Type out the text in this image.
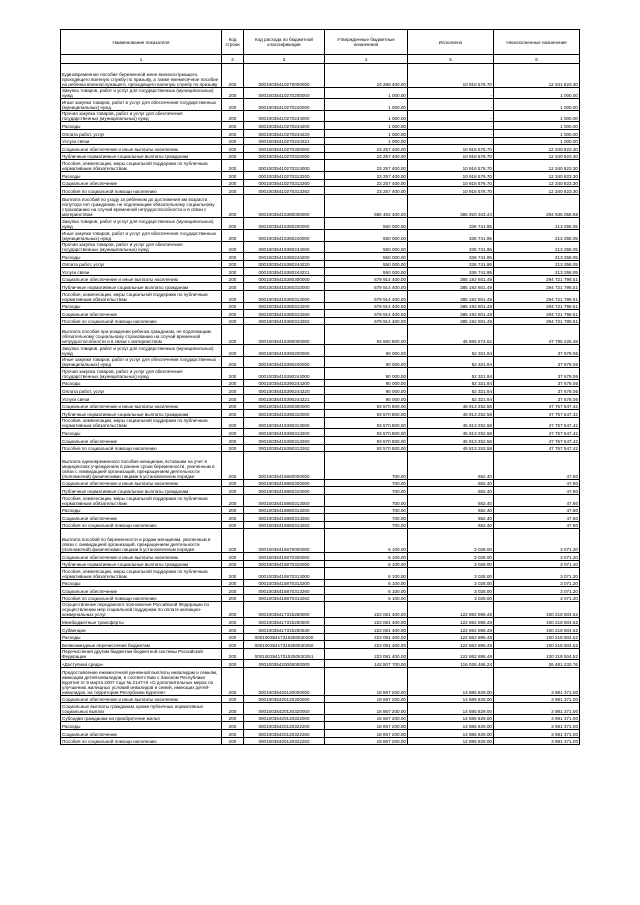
Наименование показателя	Код строки	Код расхода по бюджетной классификации	Утвержденные бюджетные назначения	Исполнено	Неисполненные назначения
1	2	3	4	5	6
Единовременное пособие беременной жене военнослужащего, проходящего военную службу по призыву, а также ежемесячное пособие на ребенка военнослужащего, проходящего военную службу по призыву	200	00010035410270000000	23 258 400.00	10 916 576.70	12 341 823.30
Закупка товаров, работ и услуг для государственных (муниципальных) нужд	200	00010035410270200000	1 000.00	-	1 000.00
Иные закупки товаров, работ и услуг для обеспечения государственных (муниципальных) нужд	200	00010035410270240000	1 000.00	-	1 000.00
Прочая закупка товаров, работ и услуг для обеспечения государственных (муниципальных) нужд	200	00010035410270244000	1 000.00	-	1 000.00
Расходы	200	00010035410270244200	1 000.00	-	1 000.00
Оплата работ, услуг	200	00010035410270244220	1 000.00	-	1 000.00
Услуги связи	200	00010035410270244221	1 000.00	-	1 000.00
Социальное обеспечение и иные выплаты населению	200	00010035410270300000	23 257 400.00	10 916 576.70	12 340 823.30
Публичные нормативные социальные выплаты гражданам	200	00010035410270310000	23 257 400.00	10 916 576.70	12 340 823.30
Пособия, компенсации, меры социальной поддержки по публичным нормативным обязательствам	200	00010035410270313000	23 257 400.00	10 916 576.70	12 340 823.30
Расходы	200	00010035410270313200	23 257 400.00	10 916 576.70	12 340 823.30
Социальное обеспечение	200	00010035410270313260	23 257 400.00	10 916 576.70	12 340 823.30
Пособия по социальной помощи населению	200	00010035410270313262	23 257 400.00	10 916 576.70	12 340 823.30
Выплата пособий по уходу за ребенком до достижения им возраста полутора лет гражданам, не подлежащим обязательному социальному страхованию на случай временной нетрудоспособности и в связи с материнством	200	00010035415380000000	680 464 400.00	385 920 343.44	294 935 056.58
Закупка товаров, работ и услуг для государственных (муниципальных) нужд	200	00010035415380200000	550 000.00	336 741.95	213 258.05
Иные закупки товаров, работ и услуг для обеспечения государственных (муниципальных) нужд	200	00010035415380240000	550 000.00	336 741.95	213 258.05
Прочая закупка товаров, работ и услуг для обеспечения государственных (муниципальных) нужд	200	00010035415380244000	550 000.00	336 741.95	213 258.05
Расходы	200	00010035415380244200	550 000.00	336 741.95	213 258.05
Оплата работ, услуг	200	00010035415380244220	550 000.00	336 741.95	213 258.05
Услуги связи	200	00010035415380244221	550 000.00	336 741.95	213 258.05
Социальное обеспечение и иные выплаты населению	200	00010035415380300000	679 914 400.00	385 192 601.49	294 721 798.51
Публичные нормативные социальные выплаты гражданам	200	00010035415380310000	679 914 400.00	385 192 601.49	294 721 798.51
Пособия, компенсации, меры социальной поддержки по публичным нормативным обязательствам	200	00010035415380313000	679 914 400.00	385 192 601.49	294 721 798.51
Расходы	200	00010035415380313200	679 914 400.00	385 192 601.49	294 721 798.51
Социальное обеспечение	200	00010035415380313260	679 914 400.00	385 192 601.49	294 721 798.51
Пособия по социальной помощи населению	200	00010035415380313262	679 914 400.00	385 192 601.49	294 721 798.51
Выплата пособия при рождении ребенка гражданам, не подлежащим обязательному социальному страхованию на случай временной нетрудоспособности и в связи с материнством	200	00010035415390000000	93 660 800.00	45 865 574.52	47 795 225.48
Закупка товаров, работ и услуг для государственных (муниципальных) нужд	200	00010035415390200000	90 000.00	52 321.94	37 678.06
Иные закупки товаров, работ и услуг для обеспечения государственных (муниципальных) нужд	200	00010035415390240000	90 000.00	52 321.94	37 678.06
Прочая закупка товаров, работ и услуг для обеспечения государственных (муниципальных) нужд	200	00010035415390244000	90 000.00	52 321.94	37 678.06
Расходы	200	00010035415390244200	90 000.00	52 321.94	37 678.06
Оплата работ, услуг	200	00010035415390244220	90 000.00	52 321.94	37 678.06
Услуги связи	200	00010035415390244221	90 000.00	52 321.94	37 678.06
Социальное обеспечение и иные выплаты населению	200	00010035415390300000	93 570 800.00	45 813 252.58	47 757 547.42
Публичные нормативные социальные выплаты гражданам	200	00010035415390310000	93 570 800.00	45 813 252.58	47 757 547.42
Пособия, компенсации, меры социальной поддержки по публичным нормативным обязательствам	200	00010035415390313000	93 570 800.00	45 813 252.58	47 757 547.42
Расходы	200	00010035415390313200	93 570 800.00	45 813 252.58	47 757 547.42
Социальное обеспечение	200	00010035415390313260	93 570 800.00	45 813 252.58	47 757 547.42
Пособия по социальной помощи населению	200	00010035415390313262	93 570 800.00	45 813 252.58	47 757 547.42
Выплата единовременного пособия женщинам, вставшим на учет в медицинских учреждениях в ранние сроки беременности, уволенным в связи с ликвидацией организаций, прекращением деятельности (полномочий) физическими лицами в установленном порядке	200	00010035415860000000	700.00	652.40	47.60
Социальное обеспечение и иные выплаты населению	200	00010035415860300000	700.00	652.40	47.60
Публичные нормативные социальные выплаты гражданам	200	00010035415860310000	700.00	652.40	47.60
Пособия, компенсации, меры социальной поддержки по публичным нормативным обязательствам	200	00010035415860313000	700.00	652.40	47.60
Расходы	200	00010035415860313200	700.00	652.40	47.60
Социальное обеспечение	200	00010035415860313260	700.00	652.40	47.60
Пособия по социальной помощи населению	200	00010035415860313262	700.00	652.40	47.60
Выплата пособий по беременности и родам женщинам, уволенным в связи с ликвидацией организаций, прекращением деятельности (полномочий) физическими лицами в установленном порядке	200	00010035415870000000	6 100.00	3 028.00	3 071.20
Социальное обеспечение и иные выплаты населению	200	00010035415870300000	6 100.00	3 028.00	3 071.20
Публичные нормативные социальные выплаты гражданам	200	00010035415870310000	6 100.00	3 028.00	3 071.20
Пособия, компенсации, меры социальной поддержки по публичным нормативным обязательствам	200	00010035415870313000	6 100.00	3 028.00	3 071.20
Расходы	200	00010035415870313200	6 100.00	3 028.00	3 071.20
Социальное обеспечение	200	00010035415870313260	6 100.00	3 028.00	3 071.20
Пособия по социальной помощи населению	200	00010035415870313262	6 100.00	3 028.00	3 071.20
Осуществление переданного полномочия Российской Федерации по осуществлению мер социальной поддержки по оплате жилищно-коммунальных услуг	200	00010035417315250000	223 081 400.00	122 862 895.48	100 218 504.52
Межбюджетные трансферты	200	00010035417315250500	223 081 400.00	122 862 895.48	100 218 504.52
Субвенции	200	00010035417315250530	223 081 400.00	122 862 895.48	100 218 504.52
Расходы	200	00010035417315250530200	223 081 400.00	122 862 895.48	100 218 504.52
Безвозмездные перечисления бюджетам	200	00010035417315250530250	223 081 400.00	122 862 895.48	100 218 504.52
Перечисления другим бюджетам бюджетной системы Российской Федерации	200	00010035417315250530251	223 081 400.00	122 862 895.48	100 218 504.52
«Доступная среда»	200	00010035420000000000	142 507 700.00	116 026 466.24	26 481 233.76
Предоставление ежемесячной денежной выплаты инвалидам и семьям, имеющим детей-инвалидов, в соответствии с Законом Республики Бурятия от 9 марта 2007 года № 2147-III «О дополнительных мерах по улучшению жилищных условий инвалидов и семей, имеющих детей-инвалидов, на территории Республики Бурятия»	200	00010035420120000000	18 867 200.00	14 885 829.00	3 981 371.00
Социальное обеспечение и иные выплаты населению	200	00010035420120300000	18 867 200.00	14 885 829.00	3 981 371.00
Социальные выплаты гражданам, кроме публичных нормативных социальных выплат	200	00010035420120320000	18 867 200.00	14 885 829.00	3 981 371.00
Субсидии гражданам на приобретение жилья	200	00010035420120322000	18 867 200.00	14 885 829.00	3 981 371.00
Расходы	200	00010035420120322200	18 867 200.00	14 885 829.00	3 981 371.00
Социальное обеспечение	200	00010035420120322260	18 867 200.00	14 885 829.00	3 981 371.00
Пособия по социальной помощи населению	200	00010035420120322262	18 867 200.00	14 885 829.00	3 981 371.00
